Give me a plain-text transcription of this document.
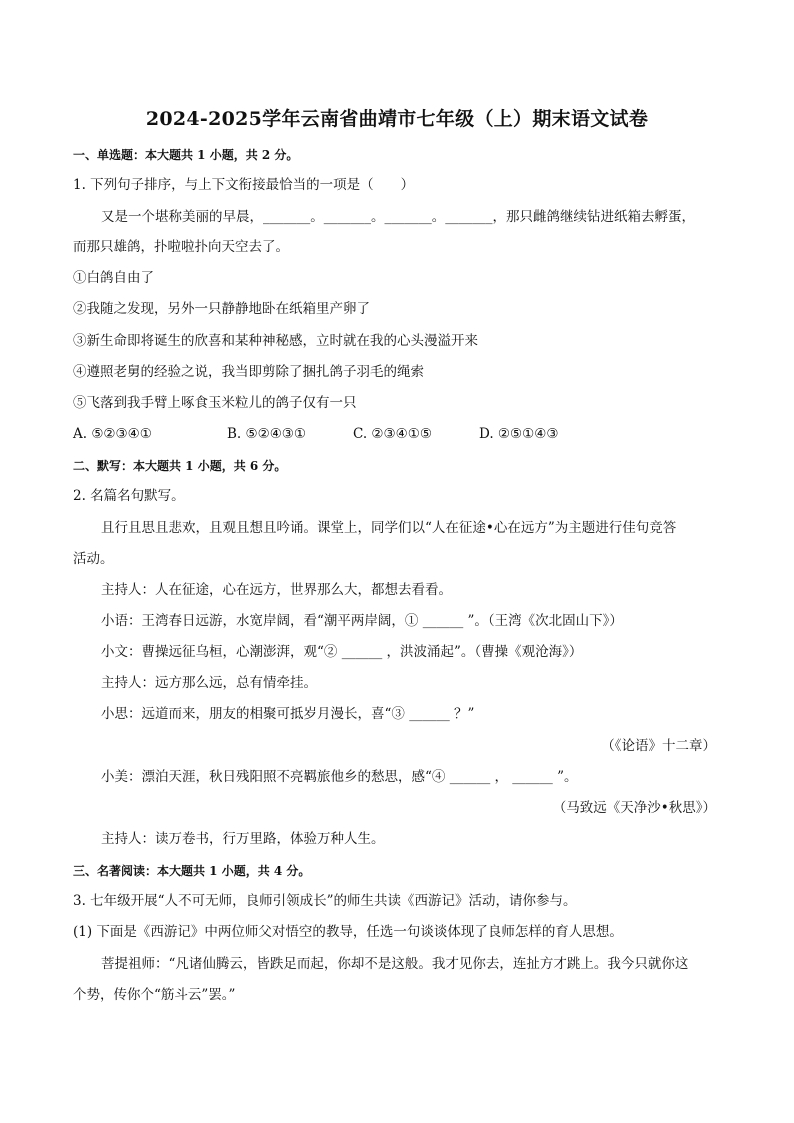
2024-2025学年云南省曲靖市七年级（上）期末语文试卷
一、单选题：本大题共 1 小题，共 2 分。
1. 下列句子排序，与上下文衔接最恰当的一项是（　　）
又是一个堪称美丽的早晨，_______。_______。_______。_______，那只雌鸽继续钻进纸箱去孵蛋，
而那只雄鸽，扑啦啦扑向天空去了。
①白鸽自由了
②我随之发现，另外一只静静地卧在纸箱里产卵了
③新生命即将诞生的欣喜和某种神秘感，立时就在我的心头漫溢开来
④遵照老舅的经验之说，我当即剪除了捆扎鸽子羽毛的绳索
⑤飞落到我手臂上啄食玉米粒儿的鸽子仅有一只
A. ⑤②③④①	B. ⑤②④③①	C. ②③④①⑤	D. ②⑤①④③
二、默写：本大题共 1 小题，共 6 分。
2. 名篇名句默写。
且行且思且悲欢，且观且想且吟诵。课堂上，同学们以“人在征途•心在远方”为主题进行佳句竞答
活动。
主持人：人在征途，心在远方，世界那么大，都想去看看。
小语：王湾春日远游，水宽岸阔，看“潮平两岸阔，① ______ ”。（王湾《次北固山下》）
小文：曹操远征乌桓，心潮澎湃，观“② ______ ，洪波涌起”。（曹操《观沧海》）
主持人：远方那么远，总有情牵挂。
小思：远道而来，朋友的相聚可抵岁月漫长，喜“③ ______ ？”
（《论语》十二章）
小美：漂泊天涯，秋日残阳照不亮羁旅他乡的愁思，感“④ ______ ， ______ ”。
（马致远《天净沙•秋思》）
主持人：读万卷书，行万里路，体验万种人生。
三、名著阅读：本大题共 1 小题，共 4 分。
3. 七年级开展“人不可无师，良师引领成长”的师生共读《西游记》活动，请你参与。
(1) 下面是《西游记》中两位师父对悟空的教导，任选一句谈谈体现了良师怎样的育人思想。
菩提祖师：“凡诸仙腾云，皆跌足而起，你却不是这般。我才见你去，连扯方才跳上。我今只就你这
个势，传你个“筋斗云”罢。”
